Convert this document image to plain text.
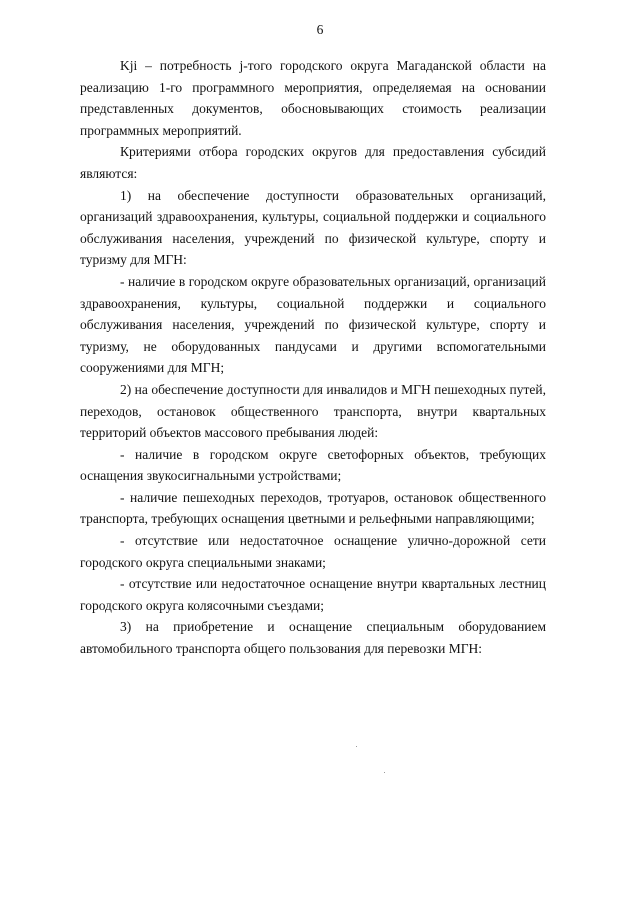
6

Kji – потребность j-того городского округа Магаданской области на реализацию 1-го программного мероприятия, определяемая на основании представленных документов, обосновывающих стоимость реализации программных мероприятий.

Критериями отбора городских округов для предоставления субсидий являются:

1) на обеспечение доступности образовательных организаций, организаций здравоохранения, культуры, социальной поддержки и социального обслуживания населения, учреждений по физической культуре, спорту и туризму для МГН:

- наличие в городском округе образовательных организаций, организаций здравоохранения, культуры, социальной поддержки и социального обслуживания населения, учреждений по физической культуре, спорту и туризму, не оборудованных пандусами и другими вспомогательными сооружениями для МГН;

2) на обеспечение доступности для инвалидов и МГН пешеходных путей, переходов, остановок общественного транспорта, внутри квартальных территорий объектов массового пребывания людей:

- наличие в городском округе светофорных объектов, требующих оснащения звукосигнальными устройствами;

- наличие пешеходных переходов, тротуаров, остановок общественного транспорта, требующих оснащения цветными и рельефными направляющими;

- отсутствие или недостаточное оснащение улично-дорожной сети городского округа специальными знаками;

- отсутствие или недостаточное оснащение внутри квартальных лестниц городского округа колясочными съездами;

3) на приобретение и оснащение специальным оборудованием автомобильного транспорта общего пользования для перевозки МГН:
